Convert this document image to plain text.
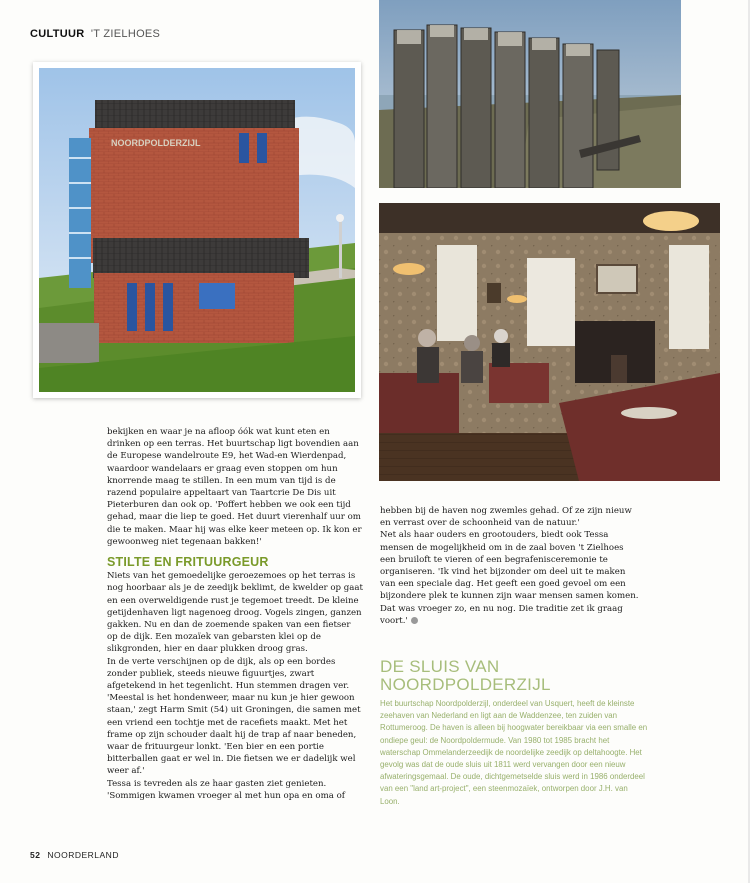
CULTUUR 'T ZIELHOES
NOORDPOLDERZIJL

bekijken en waar je na afloop óók wat kunt eten en drinken op een terras. Het buurtschap ligt bovendien aan de Europese wandelroute E9, het Wad-en Wierdenpad, waardoor wandelaars er graag even stoppen om hun knorrende maag te stillen. In een mum van tijd is de razend populaire appeltaart van Taartcrie De Dis uit Pieterburen dan ook op. 'Poffert hebben we ook een tijd gehad, maar die liep te goed. Het duurt vierenhalf uur om die te maken. Maar hij was elke keer meteen op. Ik kon er gewoonweg niet tegenaan bakken!'

STILTE EN FRITUURGEUR

Niets van het gemoedelijke geroezemoes op het terras is nog hoorbaar als je de zeedijk beklimt, de kwelder op gaat en een overweldigende rust je tegemoet treedt. De kleine getijdenhaven ligt nagenoeg droog. Vogels zingen, ganzen gakken. Nu en dan de zoemende spaken van een fietser op de dijk. Een mozaïek van gebarsten klei op de slikgronden, hier en daar plukken droog gras.

In de verte verschijnen op de dijk, als op een bordes zonder publiek, steeds nieuwe figuurtjes, zwart afgetekend in het tegenlicht. Hun stemmen dragen ver. 'Meestal is het hondenweer, maar nu kun je hier gewoon staan,' zegt Harm Smit (54) uit Groningen, die samen met een vriend een tochtje met de racefiets maakt. Met het frame op zijn schouder daalt hij de trap af naar beneden, waar de frituurgeur lonkt. 'Een bier en een portie bitterballen gaat er wel in. Die fietsen we er dadelijk wel weer af.'

Tessa is tevreden als ze haar gasten ziet genieten. 'Sommigen kwamen vroeger al met hun opa en oma of

hebben bij de haven nog zwemles gehad. Of ze zijn nieuw en verrast over de schoonheid van de natuur.'

Net als haar ouders en grootouders, biedt ook Tessa mensen de mogelijkheid om in de zaal boven 't Zielhoes een bruiloft te vieren of een begrafenisceremonie te organiseren. 'Ik vind het bijzonder om deel uit te maken van een speciale dag. Het geeft een goed gevoel om een bijzondere plek te kunnen zijn waar mensen samen komen. Dat was vroeger zo, en nu nog. Die traditie zet ik graag voort.'

DE SLUIS VAN
NOORDPOLDERZIJL
Het buurtschap Noordpolderzijl, onderdeel van Usquert, heeft de kleinste zeehaven van Nederland en ligt aan de Waddenzee, ten zuiden van Rottumeroog. De haven is alleen bij hoogwater bereikbaar via een smalle en ondiepe geul: de Noordpoldermude. Van 1980 tot 1985 bracht het waterschap Ommelanderzeedijk de noordelijke zeedijk op deltahoogte. Het gevolg was dat de oude sluis uit 1811 werd vervangen door een nieuw afwateringsgemaal. De oude, dichtgemetselde sluis werd in 1986 onderdeel van een "land art-project", een steenmozaïek, ontworpen door J.H. van Loon.
52 NOORDERLAND
